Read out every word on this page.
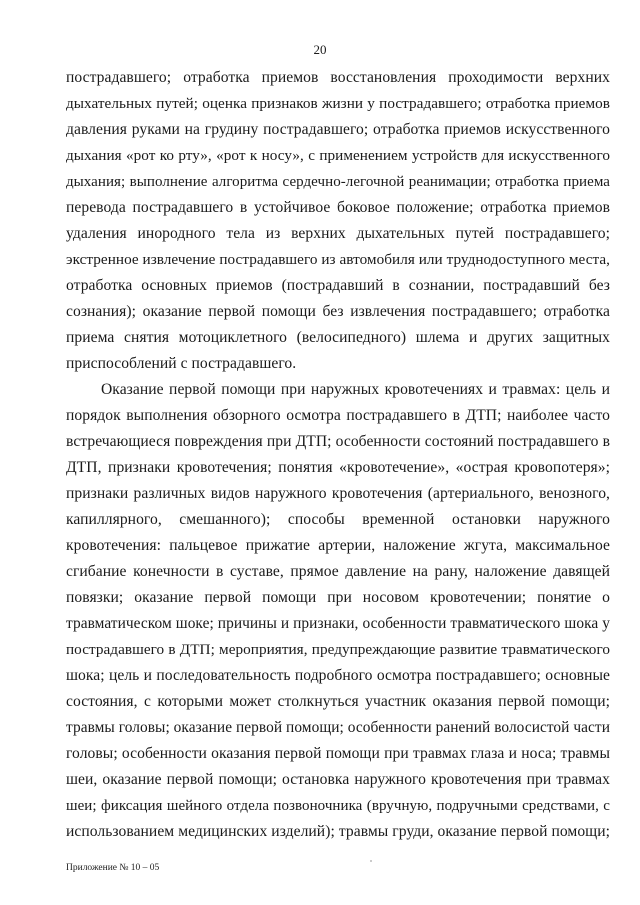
20
пострадавшего; отработка приемов восстановления проходимости верхних
дыхательных путей; оценка признаков жизни у пострадавшего; отработка приемов
давления руками на грудину пострадавшего; отработка приемов искусственного
дыхания «рот ко рту», «рот к носу», с применением устройств для искусственного
дыхания; выполнение алгоритма сердечно-легочной реанимации; отработка приема
перевода пострадавшего в устойчивое боковое положение; отработка приемов
удаления инородного тела из верхних дыхательных путей пострадавшего;
экстренное извлечение пострадавшего из автомобиля или труднодоступного места,
отработка основных приемов (пострадавший в сознании, пострадавший без
сознания); оказание первой помощи без извлечения пострадавшего; отработка
приема снятия мотоциклетного (велосипедного) шлема и других защитных
приспособлений с пострадавшего.
Оказание первой помощи при наружных кровотечениях и травмах: цель и
порядок выполнения обзорного осмотра пострадавшего в ДТП; наиболее часто
встречающиеся повреждения при ДТП; особенности состояний пострадавшего в
ДТП, признаки кровотечения; понятия «кровотечение», «острая кровопотеря»;
признаки различных видов наружного кровотечения (артериального, венозного,
капиллярного, смешанного); способы временной остановки наружного
кровотечения: пальцевое прижатие артерии, наложение жгута, максимальное
сгибание конечности в суставе, прямое давление на рану, наложение давящей
повязки; оказание первой помощи при носовом кровотечении; понятие о
травматическом шоке; причины и признаки, особенности травматического шока у
пострадавшего в ДТП; мероприятия, предупреждающие развитие травматического
шока; цель и последовательность подробного осмотра пострадавшего; основные
состояния, с которыми может столкнуться участник оказания первой помощи;
травмы головы; оказание первой помощи; особенности ранений волосистой части
головы; особенности оказания первой помощи при травмах глаза и носа; травмы
шеи, оказание первой помощи; остановка наружного кровотечения при травмах
шеи; фиксация шейного отдела позвоночника (вручную, подручными средствами, с
использованием медицинских изделий); травмы груди, оказание первой помощи;
Приложение № 10 – 05
